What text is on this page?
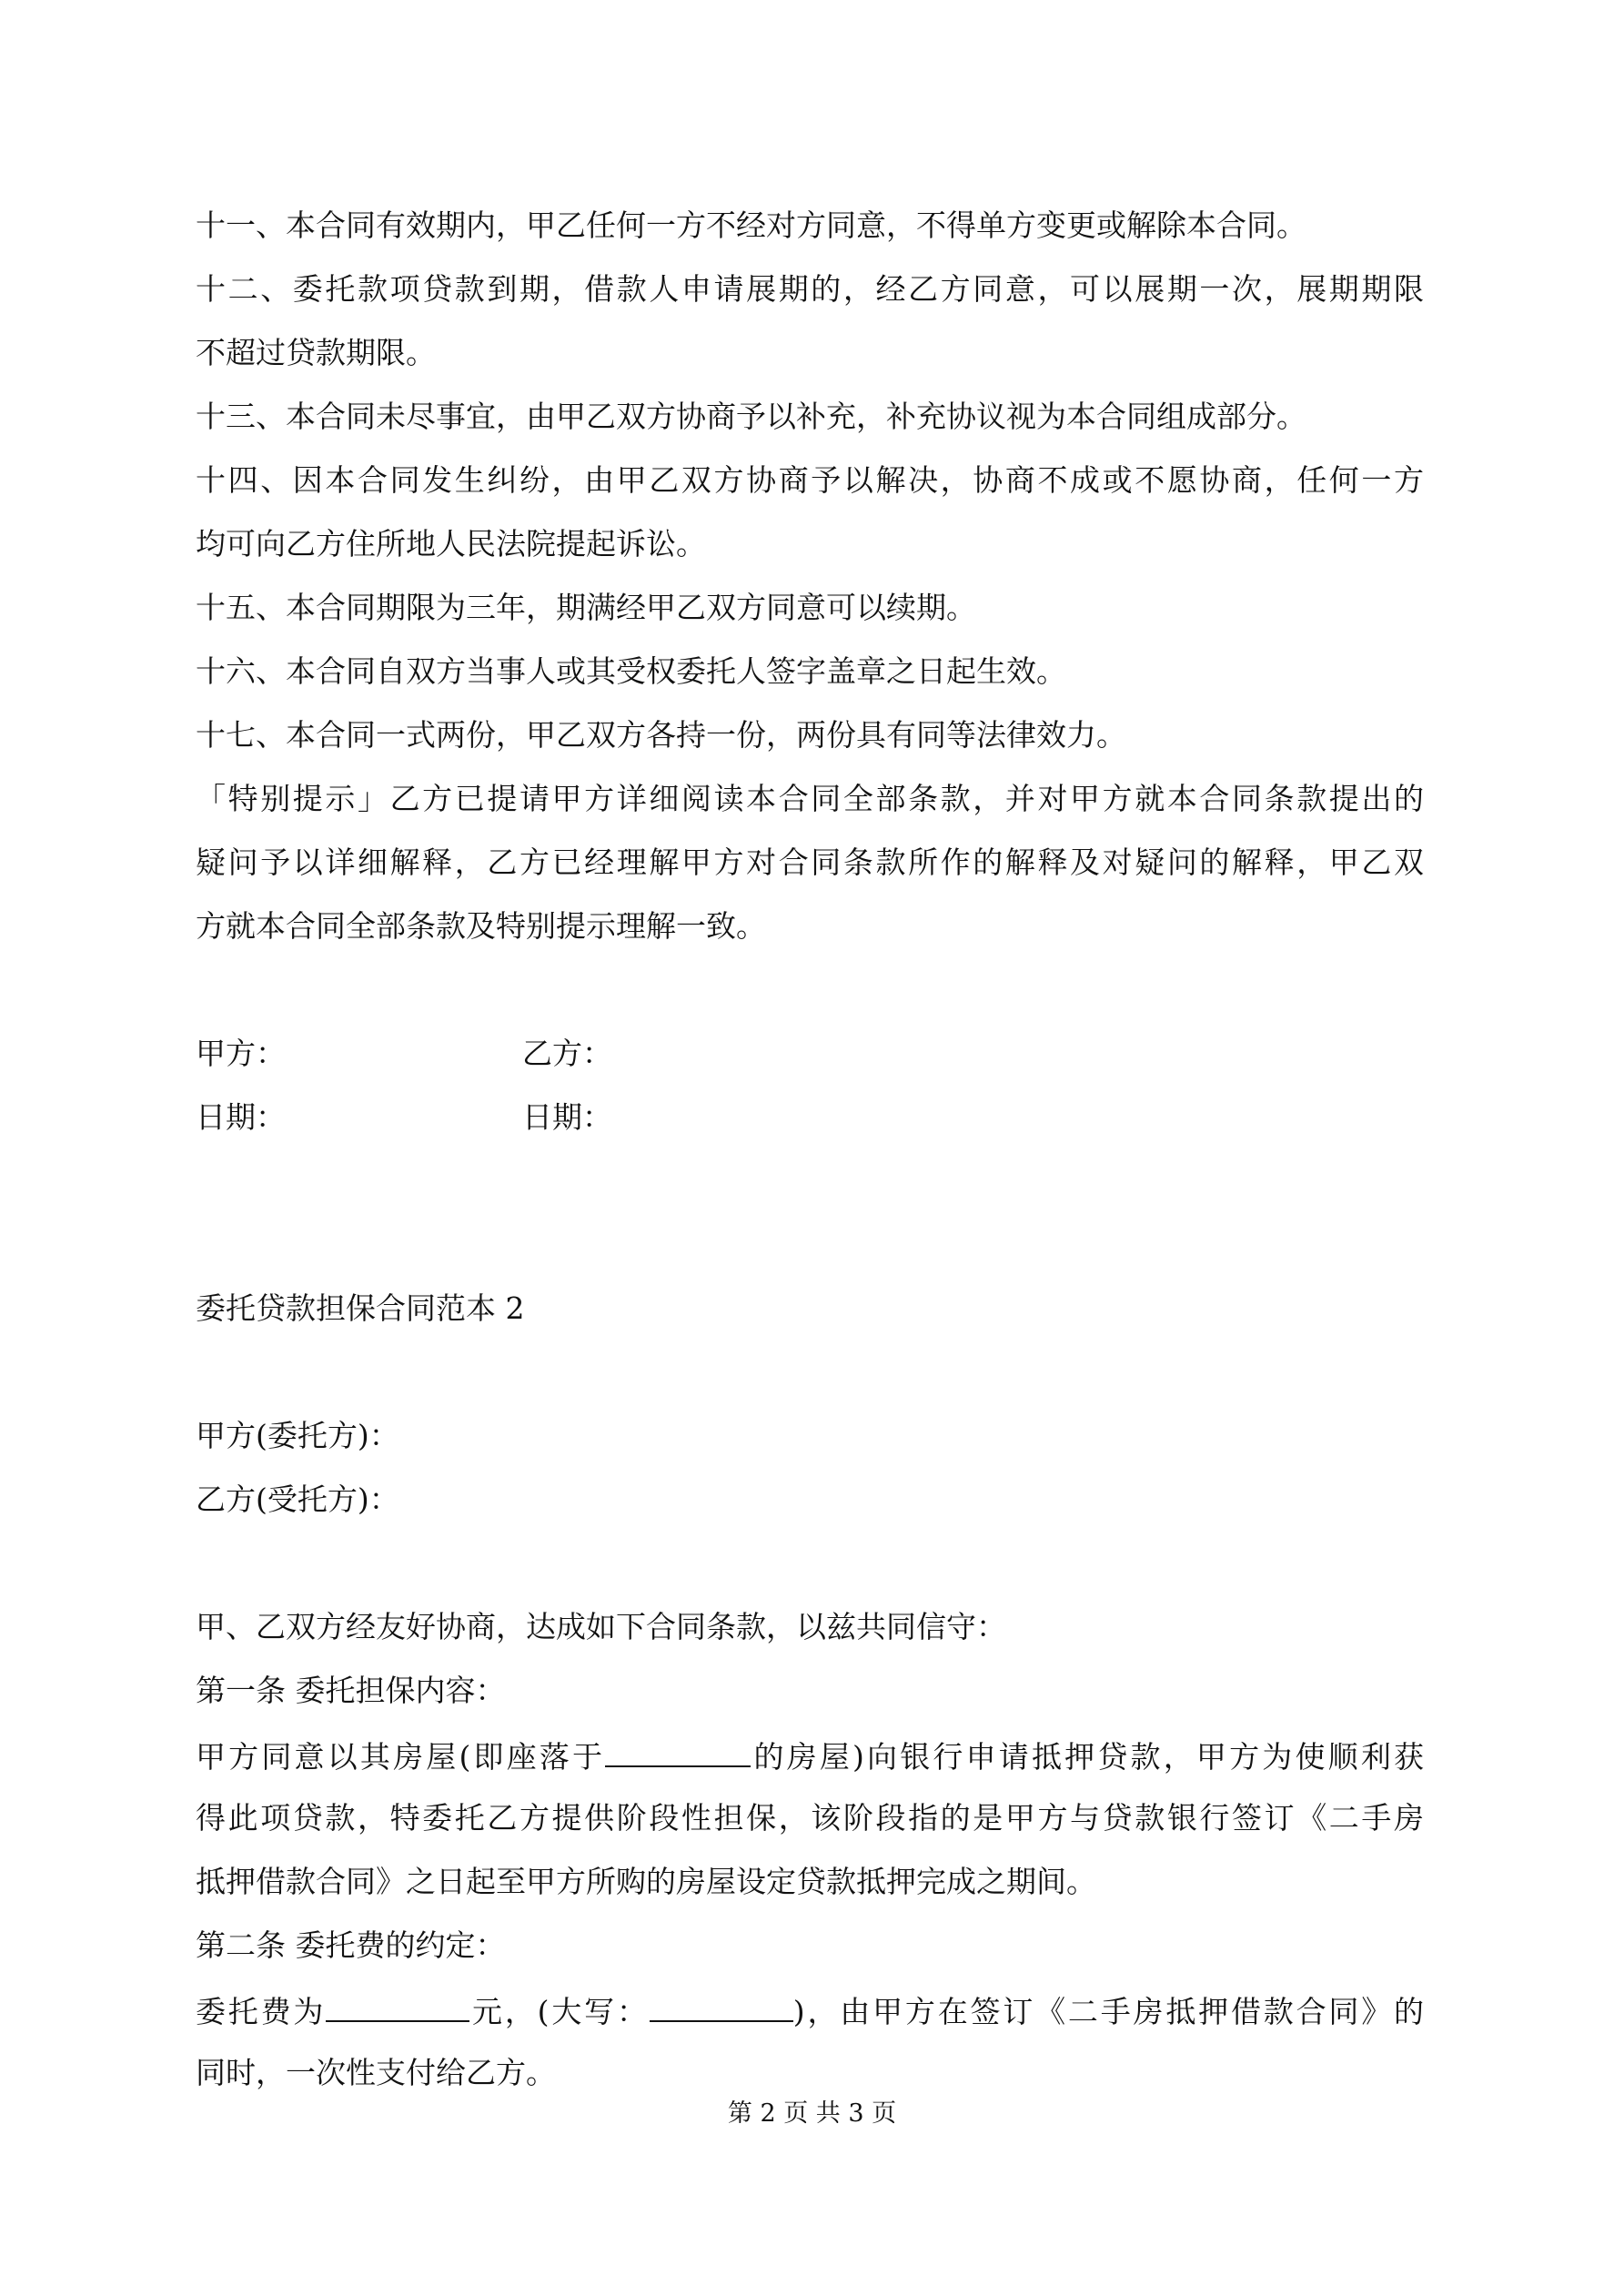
十一、本合同有效期内，甲乙任何一方不经对方同意，不得单方变更或解除本合同。
十二、委托款项贷款到期，借款人申请展期的，经乙方同意，可以展期一次，展期期限
不超过贷款期限。
十三、本合同未尽事宜，由甲乙双方协商予以补充，补充协议视为本合同组成部分。
十四、因本合同发生纠纷，由甲乙双方协商予以解决，协商不成或不愿协商，任何一方
均可向乙方住所地人民法院提起诉讼。
十五、本合同期限为三年，期满经甲乙双方同意可以续期。
十六、本合同自双方当事人或其受权委托人签字盖章之日起生效。
十七、本合同一式两份，甲乙双方各持一份，两份具有同等法律效力。
「特别提示」乙方已提请甲方详细阅读本合同全部条款，并对甲方就本合同条款提出的
疑问予以详细解释，乙方已经理解甲方对合同条款所作的解释及对疑问的解释，甲乙双
方就本合同全部条款及特别提示理解一致。
甲方：	乙方：
日期：	日期：
委托贷款担保合同范本 2
甲方(委托方)：
乙方(受托方)：
甲、乙双方经友好协商，达成如下合同条款，以兹共同信守：
第一条 委托担保内容：
甲方同意以其房屋(即座落于	的房屋)向银行申请抵押贷款，甲方为使顺利获
得此项贷款，特委托乙方提供阶段性担保，该阶段指的是甲方与贷款银行签订《二手房
抵押借款合同》之日起至甲方所购的房屋设定贷款抵押完成之期间。
第二条 委托费的约定：
委托费为	元，(大写：	)，由甲方在签订《二手房抵押借款合同》的
同时，一次性支付给乙方。
第 2 页 共 3 页
